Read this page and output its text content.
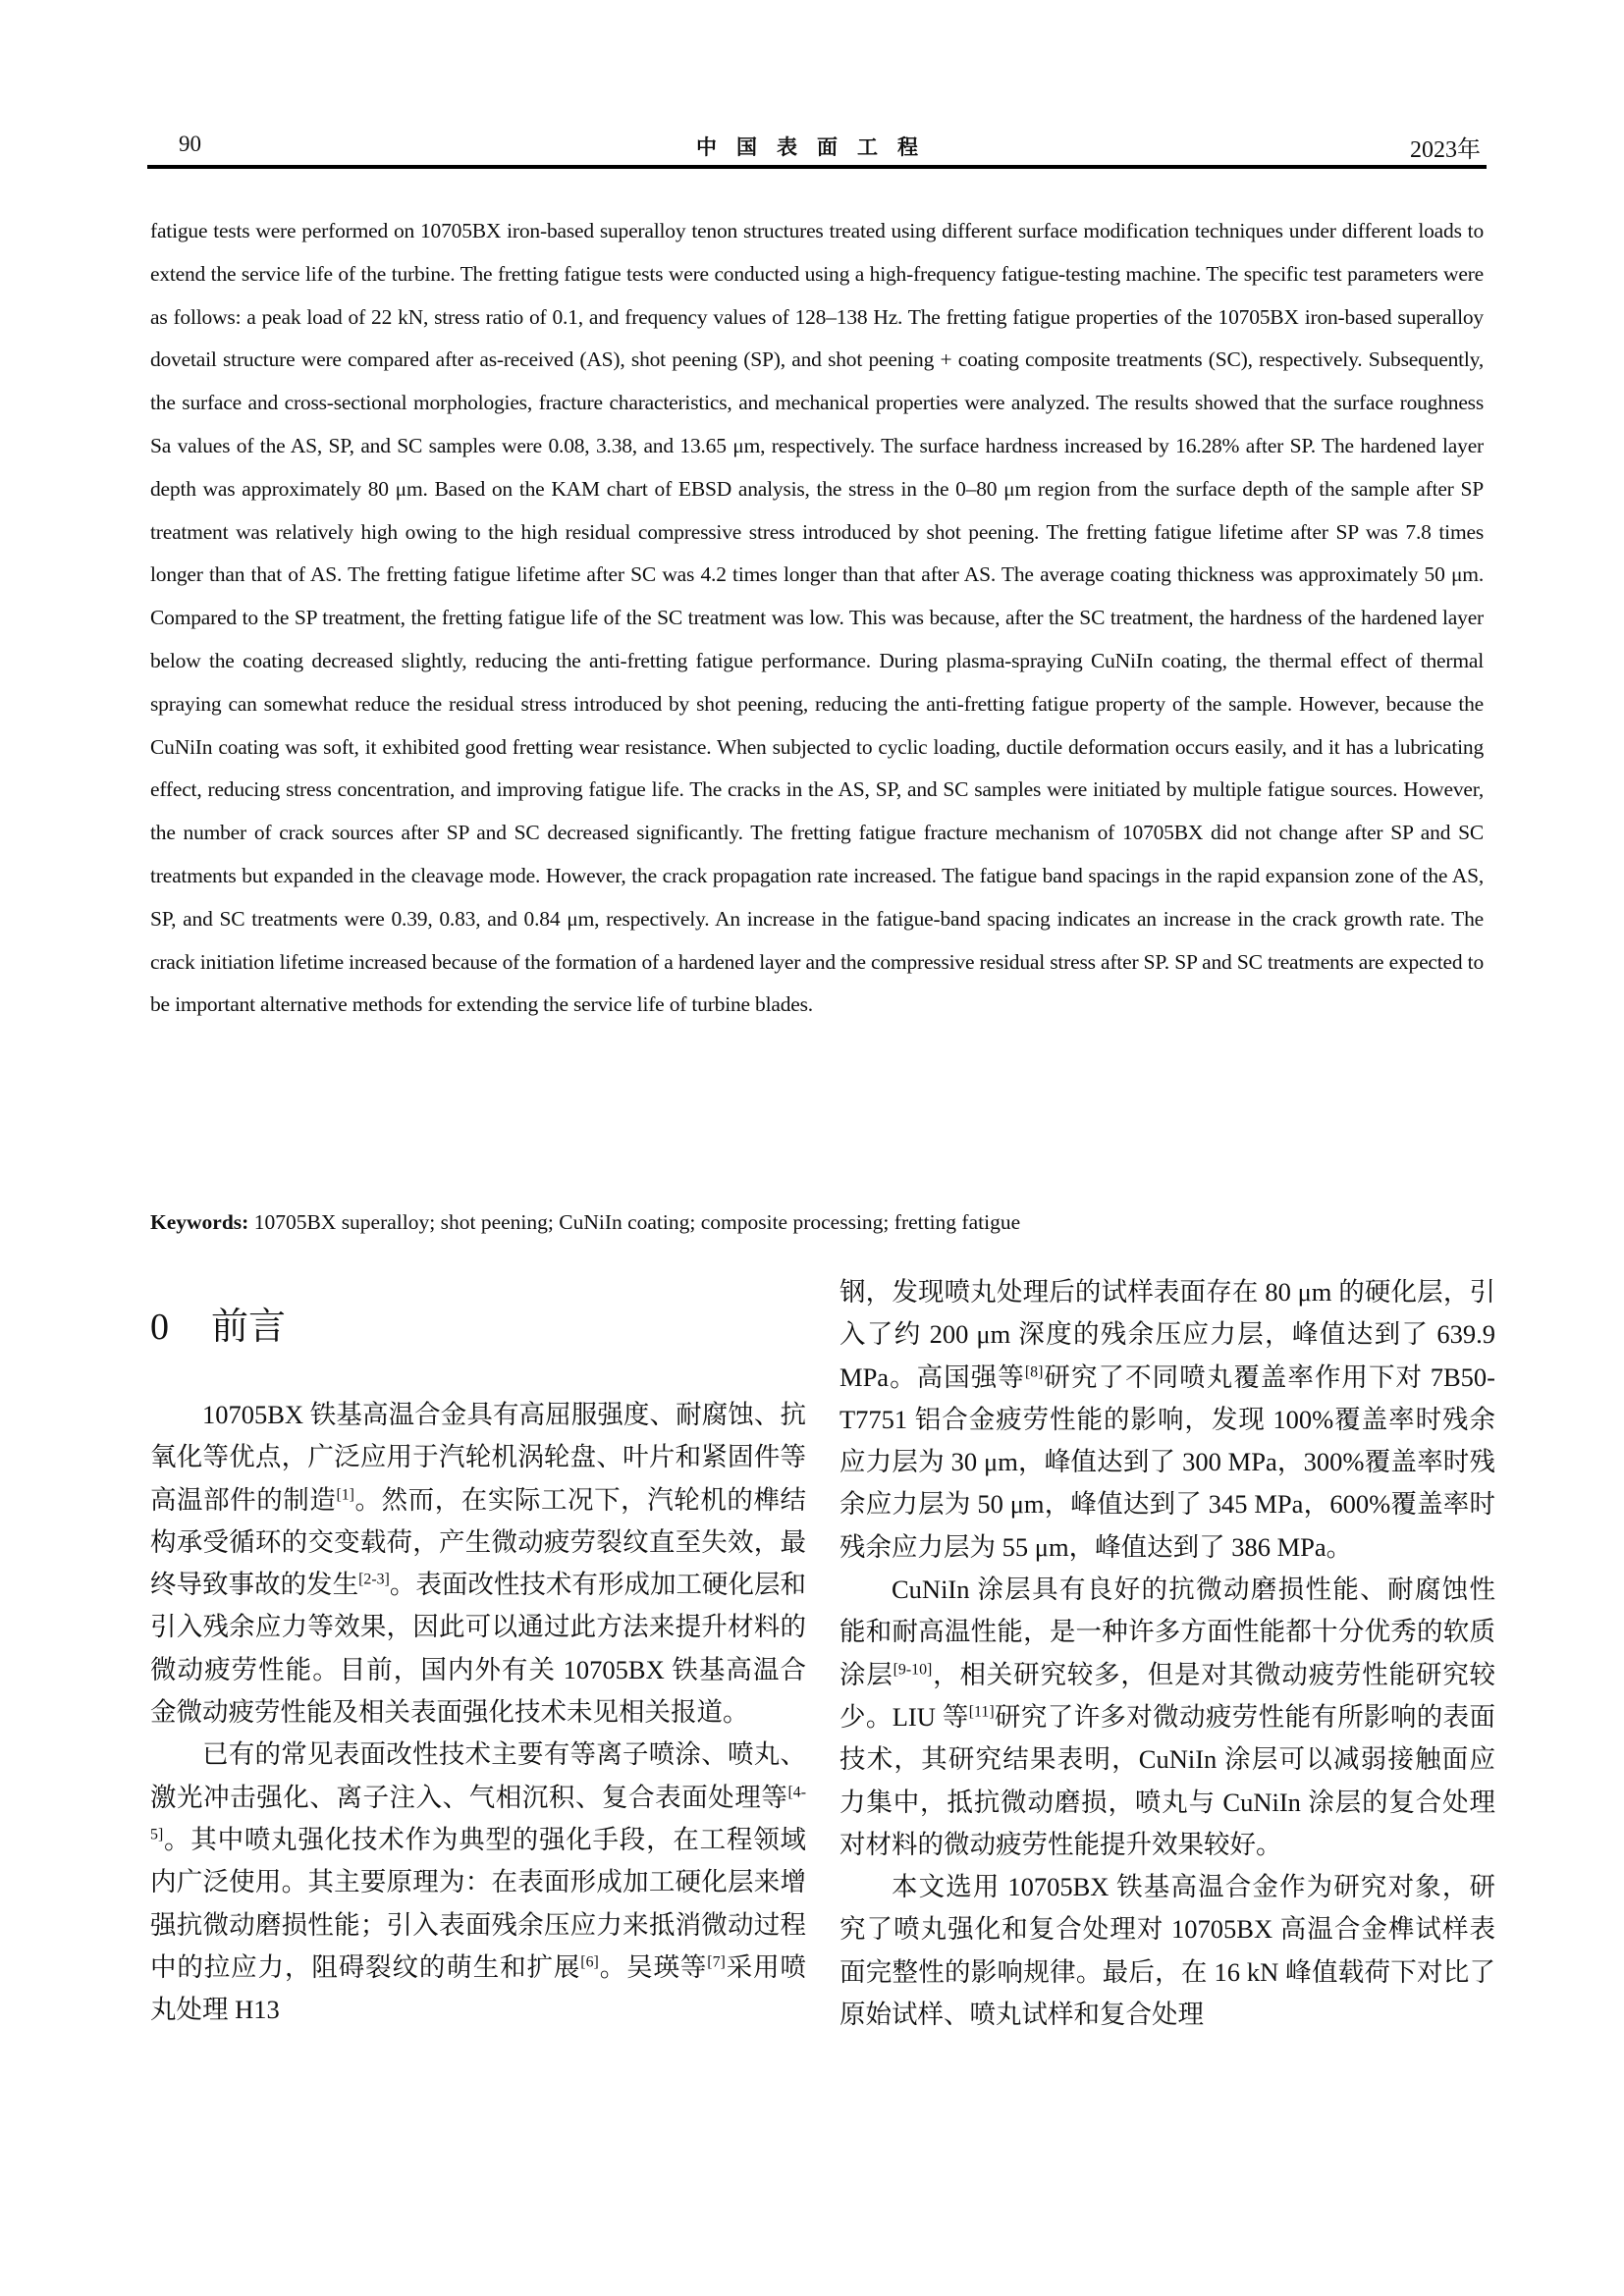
90	中国表面工程	2023年
fatigue tests were performed on 10705BX iron-based superalloy tenon structures treated using different surface modification techniques under different loads to extend the service life of the turbine. The fretting fatigue tests were conducted using a high-frequency fatigue-testing machine. The specific test parameters were as follows: a peak load of 22 kN, stress ratio of 0.1, and frequency values of 128–138 Hz. The fretting fatigue properties of the 10705BX iron-based superalloy dovetail structure were compared after as-received (AS), shot peening (SP), and shot peening + coating composite treatments (SC), respectively. Subsequently, the surface and cross-sectional morphologies, fracture characteristics, and mechanical properties were analyzed. The results showed that the surface roughness Sa values of the AS, SP, and SC samples were 0.08, 3.38, and 13.65 μm, respectively. The surface hardness increased by 16.28% after SP. The hardened layer depth was approximately 80 μm. Based on the KAM chart of EBSD analysis, the stress in the 0–80 μm region from the surface depth of the sample after SP treatment was relatively high owing to the high residual compressive stress introduced by shot peening. The fretting fatigue lifetime after SP was 7.8 times longer than that of AS. The fretting fatigue lifetime after SC was 4.2 times longer than that after AS. The average coating thickness was approximately 50 μm. Compared to the SP treatment, the fretting fatigue life of the SC treatment was low. This was because, after the SC treatment, the hardness of the hardened layer below the coating decreased slightly, reducing the anti-fretting fatigue performance. During plasma-spraying CuNiIn coating, the thermal effect of thermal spraying can somewhat reduce the residual stress introduced by shot peening, reducing the anti-fretting fatigue property of the sample. However, because the CuNiIn coating was soft, it exhibited good fretting wear resistance. When subjected to cyclic loading, ductile deformation occurs easily, and it has a lubricating effect, reducing stress concentration, and improving fatigue life. The cracks in the AS, SP, and SC samples were initiated by multiple fatigue sources. However, the number of crack sources after SP and SC decreased significantly. The fretting fatigue fracture mechanism of 10705BX did not change after SP and SC treatments but expanded in the cleavage mode. However, the crack propagation rate increased. The fatigue band spacings in the rapid expansion zone of the AS, SP, and SC treatments were 0.39, 0.83, and 0.84 μm, respectively. An increase in the fatigue-band spacing indicates an increase in the crack growth rate. The crack initiation lifetime increased because of the formation of a hardened layer and the compressive residual stress after SP. SP and SC treatments are expected to be important alternative methods for extending the service life of turbine blades.
Keywords: 10705BX superalloy; shot peening; CuNiIn coating; composite processing; fretting fatigue
0 前言

10705BX 铁基高温合金具有高屈服强度、耐腐蚀、抗氧化等优点，广泛应用于汽轮机涡轮盘、叶片和紧固件等高温部件的制造[1]。然而，在实际工况下，汽轮机的榫结构承受循环的交变载荷，产生微动疲劳裂纹直至失效，最终导致事故的发生[2-3]。表面改性技术有形成加工硬化层和引入残余应力等效果，因此可以通过此方法来提升材料的微动疲劳性能。目前，国内外有关 10705BX 铁基高温合金微动疲劳性能及相关表面强化技术未见相关报道。

已有的常见表面改性技术主要有等离子喷涂、喷丸、激光冲击强化、离子注入、气相沉积、复合表面处理等[4-5]。其中喷丸强化技术作为典型的强化手段，在工程领域内广泛使用。其主要原理为：在表面形成加工硬化层来增强抗微动磨损性能；引入表面残余压应力来抵消微动过程中的拉应力，阻碍裂纹的萌生和扩展[6]。吴瑛等[7]采用喷丸处理 H13

钢，发现喷丸处理后的试样表面存在 80 μm 的硬化层，引入了约 200 μm 深度的残余压应力层，峰值达到了 639.9 MPa。高国强等[8]研究了不同喷丸覆盖率作用下对 7B50-T7751 铝合金疲劳性能的影响，发现 100%覆盖率时残余应力层为 30 μm，峰值达到了 300 MPa，300%覆盖率时残余应力层为 50 μm，峰值达到了 345 MPa，600%覆盖率时残余应力层为 55 μm，峰值达到了 386 MPa。

CuNiIn 涂层具有良好的抗微动磨损性能、耐腐蚀性能和耐高温性能，是一种许多方面性能都十分优秀的软质涂层[9-10]，相关研究较多，但是对其微动疲劳性能研究较少。LIU 等[11]研究了许多对微动疲劳性能有所影响的表面技术，其研究结果表明，CuNiIn 涂层可以减弱接触面应力集中，抵抗微动磨损，喷丸与 CuNiIn 涂层的复合处理对材料的微动疲劳性能提升效果较好。

本文选用 10705BX 铁基高温合金作为研究对象，研究了喷丸强化和复合处理对 10705BX 高温合金榫试样表面完整性的影响规律。最后，在 16 kN 峰值载荷下对比了原始试样、喷丸试样和复合处理
